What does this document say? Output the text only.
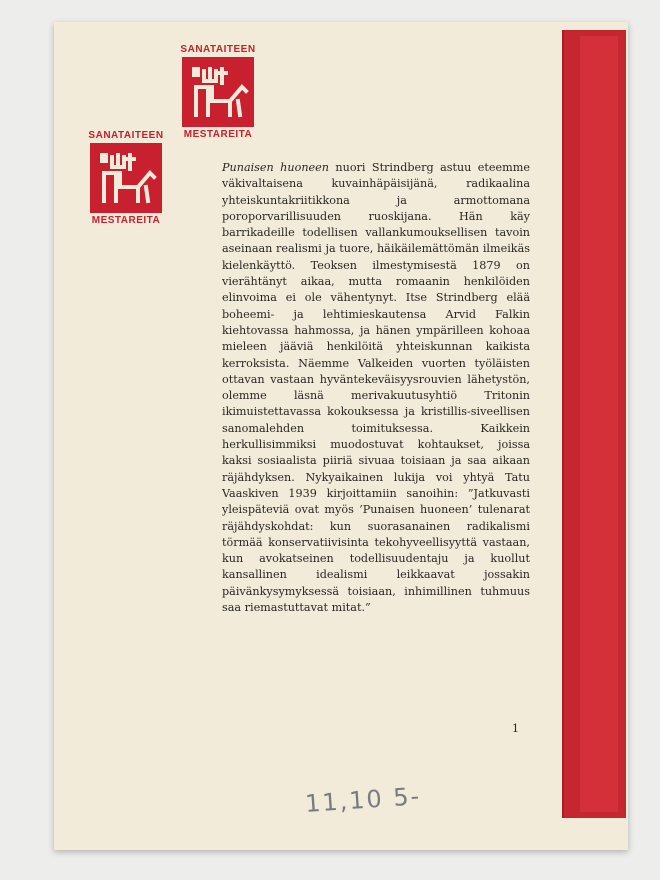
SANATAITEEN
MESTAREITA
SANATAITEEN
MESTAREITA
Punaisen huoneen nuori Strindberg astuu eteemme väkivaltaisena kuvainhäpäisijänä, radikaalina yhteiskuntakriitikkona ja armottomana poroporvarillisuuden ruoskijana. Hän käy barrikadeille todellisen vallankumouksellisen tavoin aseinaan realismi ja tuore, häikäilemättömän ilmeikäs kielenkäyttö. Teoksen ilmestymisestä 1879 on vierähtänyt aikaa, mutta romaanin henkilöiden elinvoima ei ole vähentynyt. Itse Strindberg elää boheemi- ja lehtimieskautensa Arvid Falkin kiehtovassa hahmossa, ja hänen ympärilleen kohoaa mieleen jääviä henkilöitä yhteiskunnan kaikista kerroksista. Näemme Valkeiden vuorten työläisten ottavan vastaan hyväntekeväisyysrouvien lähetystön, olemme läsnä merivakuutusyhtiö Tritonin ikimuistettavassa kokouksessa ja kristillis-siveellisen sanomalehden toimituksessa. Kaikkein herkullisimmiksi muodostuvat kohtaukset, joissa kaksi sosiaalista piiriä sivuaa toisiaan ja saa aikaan räjähdyksen. Nykyaikainen lukija voi yhtyä Tatu Vaaskiven 1939 kirjoittamiin sanoihin: ”Jatkuvasti yleispäteviä ovat myös ’Punaisen huoneen’ tulenarat räjähdyskohdat: kun suorasanainen radikalismi törmää konservatiivisinta tekohyveellisyyttä vastaan, kun avokatseinen todellisuudentaju ja kuollut kansallinen idealismi leikkaavat jossakin päivänkysymyksessä toisiaan, inhimillinen tuhmuus saa riemastuttavat mitat.”
1
11,10 5-
